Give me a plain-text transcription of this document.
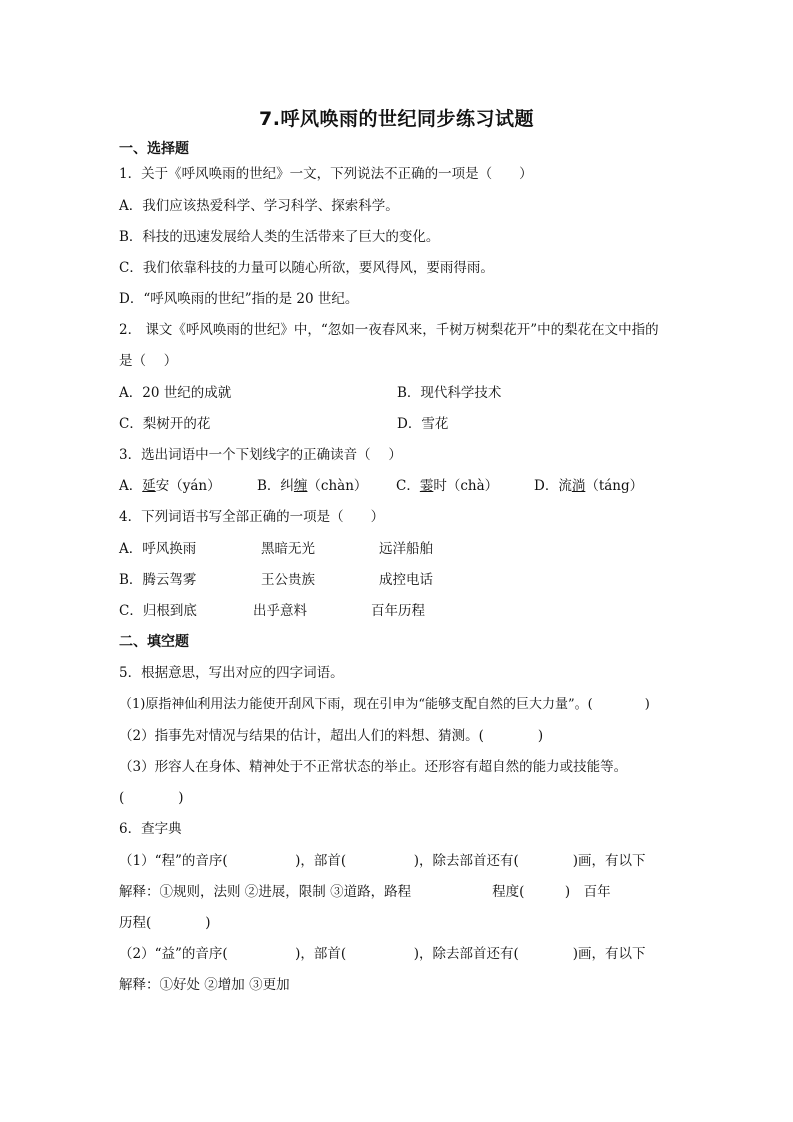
7.呼风唤雨的世纪同步练习试题
一、选择题
1．关于《呼风唤雨的世纪》一文，下列说法不正确的一项是（　　）
A．我们应该热爱科学、学习科学、探索科学。
B．科技的迅速发展给人类的生活带来了巨大的变化。
C．我们依靠科技的力量可以随心所欲，要风得风，要雨得雨。
D．“呼风唤雨的世纪”指的是 20 世纪。
2． 课文《呼风唤雨的世纪》中，“忽如一夜春风来，千树万树梨花开”中的梨花在文中指的
是（　 ）
A．20 世纪的成就	B．现代科学技术
C．梨树开的花	D．雪花
3．选出词语中一个下划线字的正确读音（　 ）
A．延安（yán）	B．纠缠（chàn） C．霎时（chà）	D．流淌（táng）
4．下列词语书写全部正确的一项是（　　）
A．呼风换雨	黑暗无光	远洋船舶
B．腾云驾雾	王公贵族	成控电话
C．归根到底	出乎意料	百年历程
二、填空题
5．根据意思，写出对应的四字词语。
（1)原指神仙利用法力能使开刮风下雨，现在引申为“能够支配自然的巨大力量”。(　　　　)
（2）指事先对情况与结果的估计，超出人们的料想、猜测。(　　　　)
（3）形容人在身体、精神处于不正常状态的举止。还形容有超自然的能力或技能等。
(　　　　)
6．查字典
（1）“程”的音序(　　　　　)，部首(　　　　　)，除去部首还有(　　　　)画，有以下
解释：①规则，法则 ②进展，限制 ③道路，路程　　　　　　程度(　　　)　百年
历程(　　　　)
（2）“益”的音序(　　　　　)，部首(　　　　　)，除去部首还有(　　　　)画，有以下
解释：①好处 ②增加 ③更加
